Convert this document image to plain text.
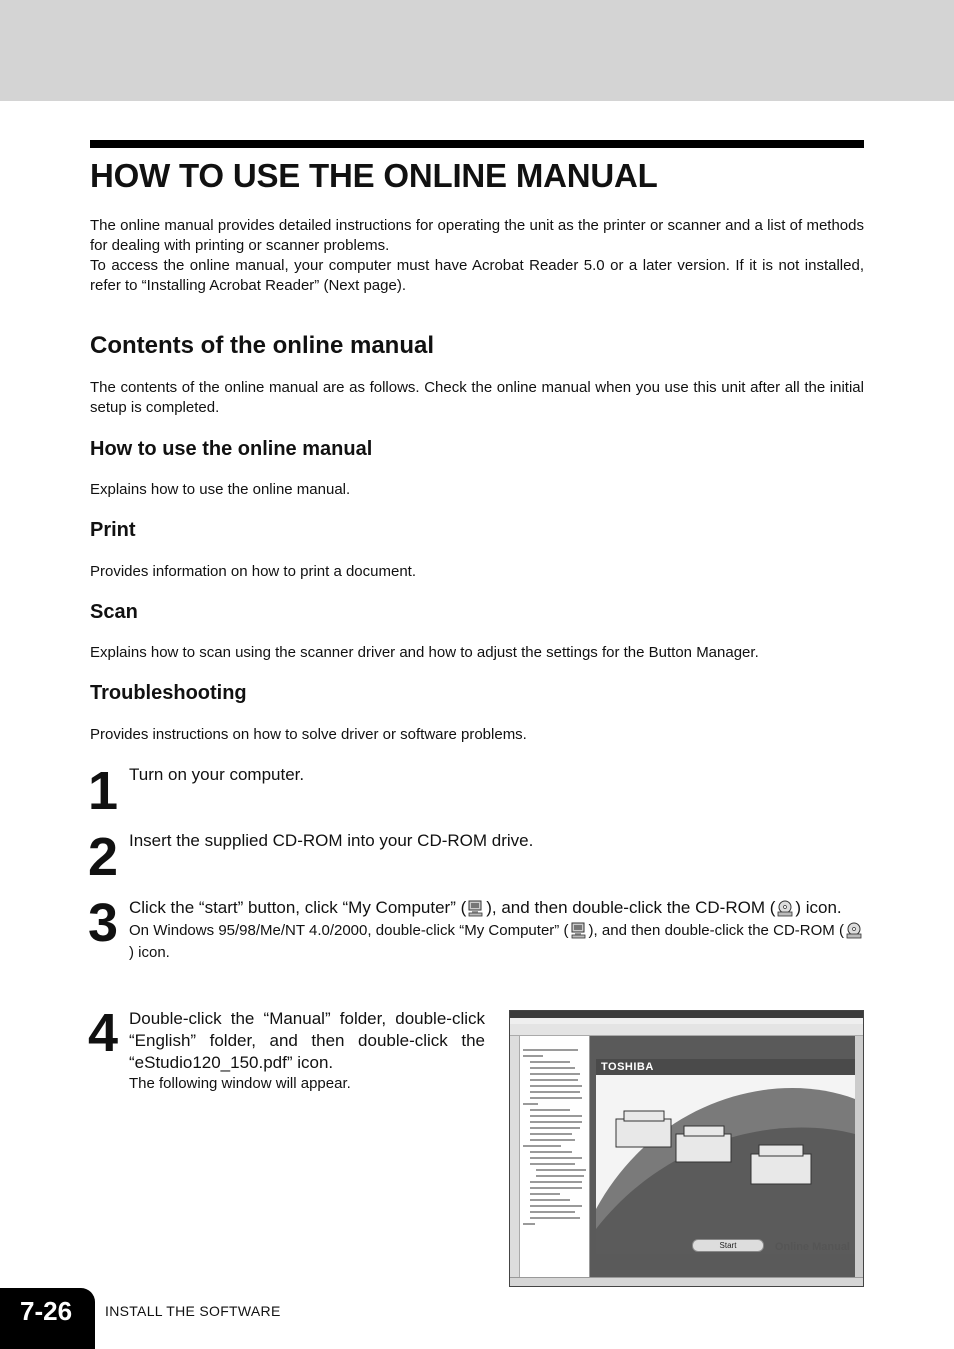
HOW TO USE THE ONLINE MANUAL

The online manual provides detailed instructions for operating the unit as the printer or scanner and a list of methods for dealing with printing or scanner problems.

To access the online manual, your computer must have Acrobat Reader 5.0 or a later version. If it is not installed, refer to “Installing Acrobat Reader” (Next page).

Contents of the online manual

The contents of the online manual are as follows. Check the online manual when you use this unit after all the initial setup is completed.

How to use the online manual

Explains how to use the online manual.

Print

Provides information on how to print a document.

Scan

Explains how to scan using the scanner driver and how to adjust the settings for the Button Manager.

Troubleshooting

Provides instructions on how to solve driver or software problems.

1 Turn on your computer.

2 Insert the supplied CD-ROM into your CD-ROM drive.

3 Click the “start” button, click “My Computer” ( ), and then double-click the CD-ROM ( ) icon.

On Windows 95/98/Me/NT 4.0/2000, double-click “My Computer” ( ), and then double-click the CD-ROM () icon.

4 Double-click the “Manual” folder, double-click “English” folder, and then double-click the “eStudio120_150.pdf” icon.

The following window will appear.

TOSHIBA
Online Manual
Start
7-26 INSTALL THE SOFTWARE
